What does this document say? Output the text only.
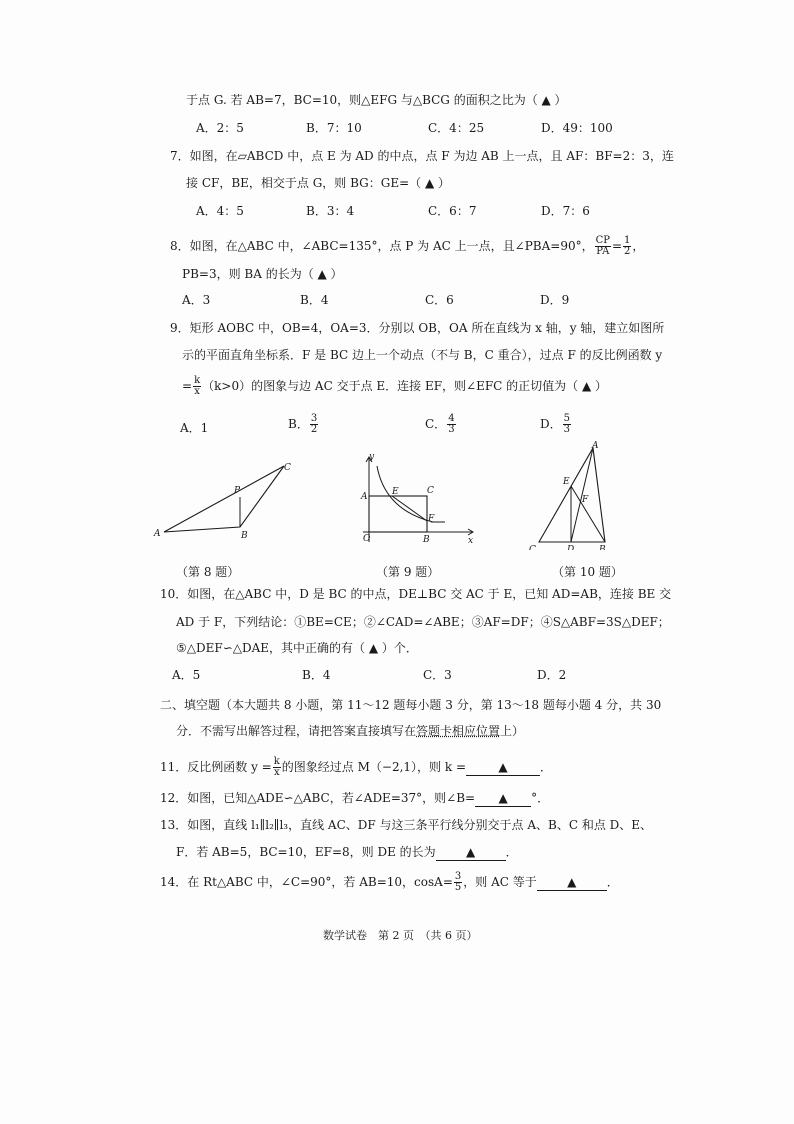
于点 G. 若 AB=7，BC=10，则△EFG 与△BCG 的面积之比为（ ▲ ）
A．2：5	B．7：10	C．4：25	D．49：100
7．如图，在▱ABCD 中，点 E 为 AD 的中点，点 F 为边 AB 上一点，且 AF：BF=2：3，连
接 CF，BE，相交于点 G，则 BG：GE=（ ▲ ）
A．4：5	B．3：4	C．6：7	D．7：6
8．如图，在△ABC 中，∠ABC=135°，点 P 为 AC 上一点，且∠PBA=90°， $\frac{CP}{PA} = \frac{1}{2}$ ，
PB=3，则 BA 的长为（ ▲ ）
A．3	B．4	C．6	D．9
9．矩形 AOBC 中，OB=4，OA=3．分别以 OB，OA 所在直线为 x 轴，y 轴，建立如图所
示的平面直角坐标系．F 是 BC 边上一个动点（不与 B，C 重合），过点 F 的反比例函数 y
= $\frac{k}{x} (k>0)$的图象与边 AC 交于点 E．连接 EF，则∠EFC 的正切值为（ ▲ ）
A．1	B． $\frac{3}{2}$	C． $\frac{4}{3}$	D． $\frac{5}{3}$
A	B
C
P
y
x
O
A
B
C
E
F
A
B
C	D
E
F
（第 8 题）	（第 9 题）	（第 10 题）
10．如图，在△ABC 中，D 是 BC 的中点，DE⊥BC 交 AC 于 E，已知 AD=AB，连接 BE 交
AD 于 F，下列结论：①BE=CE；②∠CAD=∠ABE；③AF=DF；④S△ABF=3S△DEF；
⑤△DEF∽△DAE，其中正确的有（ ▲ ）个．
A．5	B．4	C．3	D．2
二、填空题（本大题共 8 小题，第 11～12 题每小题 3 分，第 13～18 题每小题 4 分，共 30
分．不需写出解答过程，请把答案直接填写在答题卡相应位置上）
11．反比例函数 $y = \frac{k}{x}$ 的图象经过点 M（−2,1），则 k =	▲	．
12．如图，已知△ADE∽△ABC，若∠ADE=37°，则∠B= ▲ °．
13．如图，直线 l₁∥l₂∥l₃，直线 AC、DF 与这三条平行线分别交于点 A、B、C 和点 D、E、
F．若 AB=5，BC=10，EF=8，则 DE 的长为	▲	．
14．在 Rt△ABC 中，∠C=90°，若 AB=10，$\cos A= \frac{3}{5}$ ，则 AC 等于	▲	．
数学试卷　第 2 页　（共 6 页）
